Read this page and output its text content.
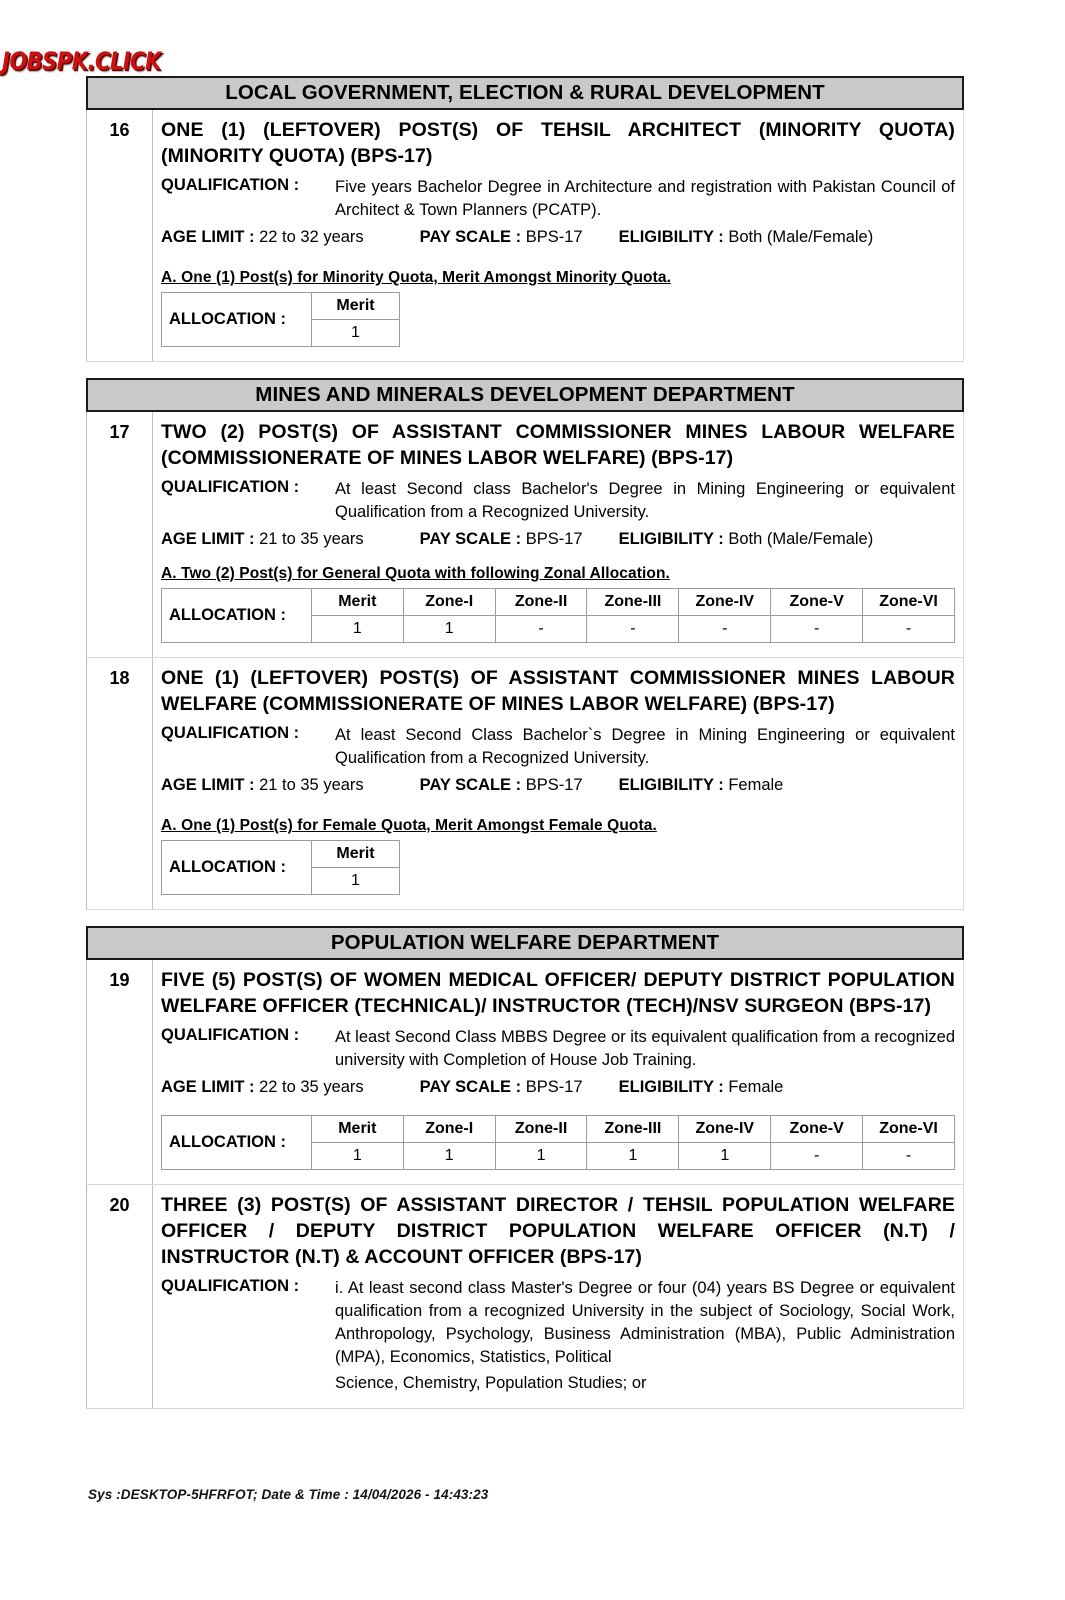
JOBSPK.CLICK
LOCAL GOVERNMENT, ELECTION & RURAL DEVELOPMENT
16	ONE (1) (LEFTOVER) POST(S) OF TEHSIL ARCHITECT (MINORITY QUOTA) (MINORITY QUOTA) (BPS-17)
QUALIFICATION :	Five years Bachelor Degree in Architecture and registration with Pakistan Council of Architect & Town Planners (PCATP).
AGE LIMIT : 22 to 32 years	PAY SCALE : BPS-17 ELIGIBILITY : Both (Male/Female)
A. One (1) Post(s) for Minority Quota, Merit Amongst Minority Quota.
ALLOCATION :	Merit
1
MINES AND MINERALS DEVELOPMENT DEPARTMENT
17	TWO (2) POST(S) OF ASSISTANT COMMISSIONER MINES LABOUR WELFARE (COMMISSIONERATE OF MINES LABOR WELFARE) (BPS-17)
QUALIFICATION :	At least Second class Bachelor's Degree in Mining Engineering or equivalent Qualification from a Recognized University.
AGE LIMIT : 21 to 35 years	PAY SCALE : BPS-17 ELIGIBILITY : Both (Male/Female)
A. Two (2) Post(s) for General Quota with following Zonal Allocation.
ALLOCATION :	Merit	Zone-I	Zone-II	Zone-III	Zone-IV	Zone-V	Zone-VI
	1	1	-	-	-	-	-
18	ONE (1) (LEFTOVER) POST(S) OF ASSISTANT COMMISSIONER MINES LABOUR WELFARE (COMMISSIONERATE OF MINES LABOR WELFARE) (BPS-17)
QUALIFICATION :	At least Second Class Bachelor`s Degree in Mining Engineering or equivalent Qualification from a Recognized University.
AGE LIMIT : 21 to 35 years	PAY SCALE : BPS-17 ELIGIBILITY : Female
A. One (1) Post(s) for Female Quota, Merit Amongst Female Quota.
ALLOCATION :	Merit
1
POPULATION WELFARE DEPARTMENT
19	FIVE (5) POST(S) OF WOMEN MEDICAL OFFICER/ DEPUTY DISTRICT POPULATION WELFARE OFFICER (TECHNICAL)/ INSTRUCTOR (TECH)/NSV SURGEON (BPS-17)
QUALIFICATION :	At least Second Class MBBS Degree or its equivalent qualification from a recognized university with Completion of House Job Training.
AGE LIMIT : 22 to 35 years	PAY SCALE : BPS-17 ELIGIBILITY : Female
ALLOCATION :	Merit	Zone-I	Zone-II	Zone-III	Zone-IV	Zone-V	Zone-VI
	1	1	1	1	1	-	-
20	THREE (3) POST(S) OF ASSISTANT DIRECTOR / TEHSIL POPULATION WELFARE OFFICER / DEPUTY DISTRICT POPULATION WELFARE OFFICER (N.T) / INSTRUCTOR (N.T) & ACCOUNT OFFICER (BPS-17)
QUALIFICATION :	i. At least second class Master's Degree or four (04) years BS Degree or equivalent qualification from a recognized University in the subject of Sociology, Social Work, Anthropology, Psychology, Business Administration (MBA), Public Administration (MPA), Economics, Statistics, Political
Science, Chemistry, Population Studies; or
Sys :DESKTOP-5HFRFOT; Date & Time : 14/04/2026 - 14:43:23
